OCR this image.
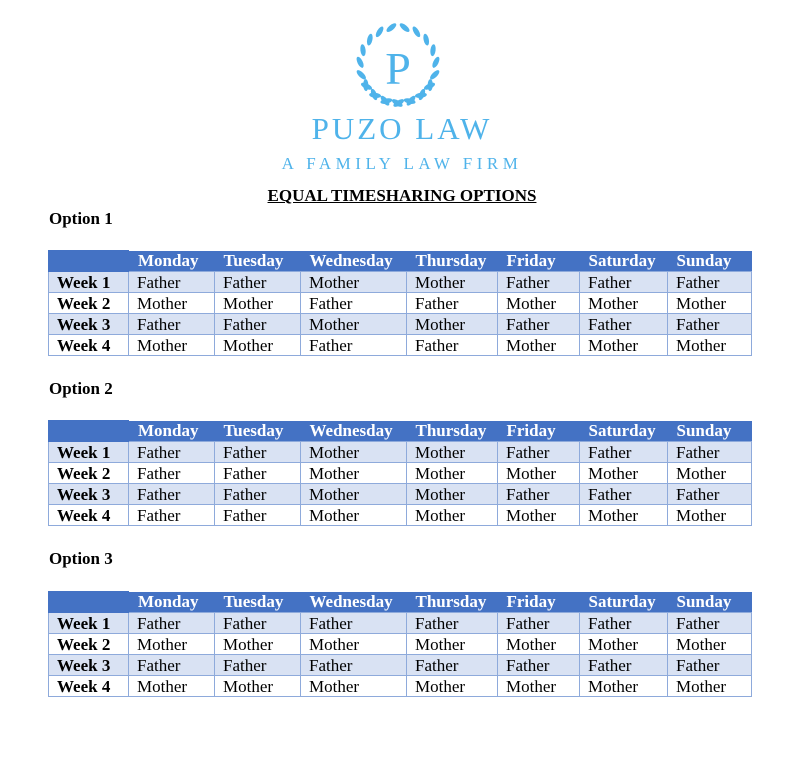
P
PUZO LAW
A FAMILY LAW FIRM
EQUAL TIMESHARING OPTIONS
Option 1
	Monday	Tuesday	Wednesday	Thursday	Friday	Saturday	Sunday
Week 1	Father	Father	Mother	Mother	Father	Father	Father
Week 2	Mother	Mother	Father	Father	Mother	Mother	Mother
Week 3	Father	Father	Mother	Mother	Father	Father	Father
Week 4	Mother	Mother	Father	Father	Mother	Mother	Mother
Option 2
	Monday	Tuesday	Wednesday	Thursday	Friday	Saturday	Sunday
Week 1	Father	Father	Mother	Mother	Father	Father	Father
Week 2	Father	Father	Mother	Mother	Mother	Mother	Mother
Week 3	Father	Father	Mother	Mother	Father	Father	Father
Week 4	Father	Father	Mother	Mother	Mother	Mother	Mother
Option 3
	Monday	Tuesday	Wednesday	Thursday	Friday	Saturday	Sunday
Week 1	Father	Father	Father	Father	Father	Father	Father
Week 2	Mother	Mother	Mother	Mother	Mother	Mother	Mother
Week 3	Father	Father	Father	Father	Father	Father	Father
Week 4	Mother	Mother	Mother	Mother	Mother	Mother	Mother
